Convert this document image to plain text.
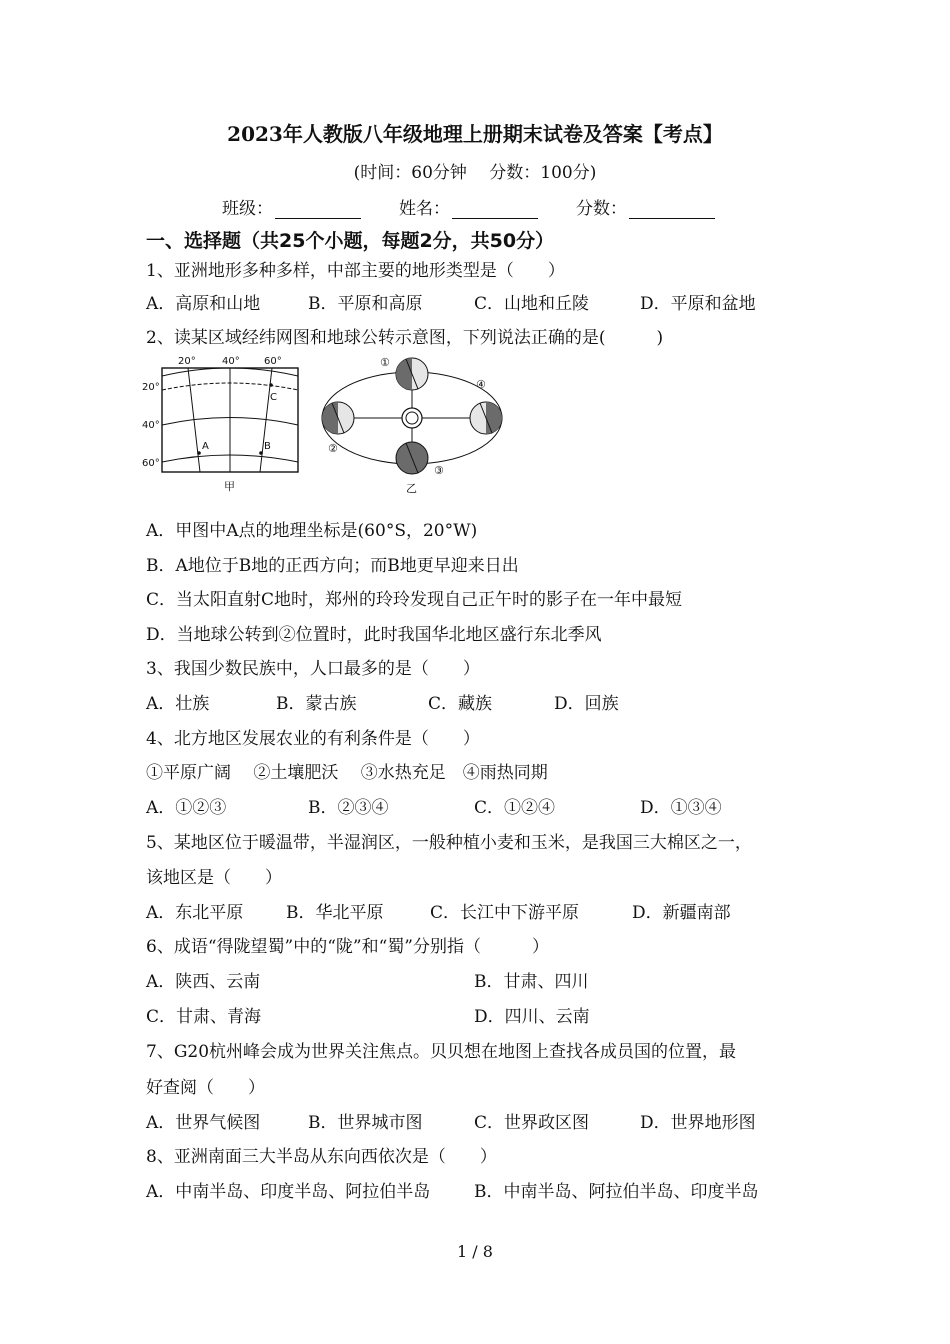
2023年人教版八年级地理上册期末试卷及答案【考点】
(时间：60分钟　 分数：100分)
班级：	姓名：	分数：
一、选择题（共25个小题，每题2分，共50分）
1、亚洲地形多种多样，中部主要的地形类型是（　　）
A．高原和山地	B．平原和高原	C．山地和丘陵	D．平原和盆地
2、读某区域经纬网图和地球公转示意图，下列说法正确的是(　　　)
20°	40° 60°
20°
40°
60°
A	B
C
甲
①
②
③
④
乙
A．甲图中A点的地理坐标是(60°S，20°W)
B．A地位于B地的正西方向；而B地更早迎来日出
C．当太阳直射C地时，郑州的玲玲发现自己正午时的影子在一年中最短
D．当地球公转到②位置时，此时我国华北地区盛行东北季风
3、我国少数民族中，人口最多的是（　　）
A．壮族	B．蒙古族	C．藏族	D．回族
4、北方地区发展农业的有利条件是（　　）
①平原广阔　 ②土壤肥沃　 ③水热充足　④雨热同期
A．①②③	B．②③④	C．①②④	D．①③④
5、某地区位于暖温带，半湿润区，一般种植小麦和玉米，是我国三大棉区之一，
该地区是（　　）
A．东北平原	B．华北平原	C．长江中下游平原	D．新疆南部
6、成语“得陇望蜀”中的“陇”和“蜀”分别指（　　　）
A．陕西、云南	B．甘肃、四川
C．甘肃、青海	D．四川、云南
7、G20杭州峰会成为世界关注焦点。贝贝想在地图上查找各成员国的位置，最
好查阅（　　）
A．世界气候图	B．世界城市图	C．世界政区图	D．世界地形图
8、亚洲南面三大半岛从东向西依次是（　　）
A．中南半岛、印度半岛、阿拉伯半岛	B．中南半岛、阿拉伯半岛、印度半岛
1 / 8
